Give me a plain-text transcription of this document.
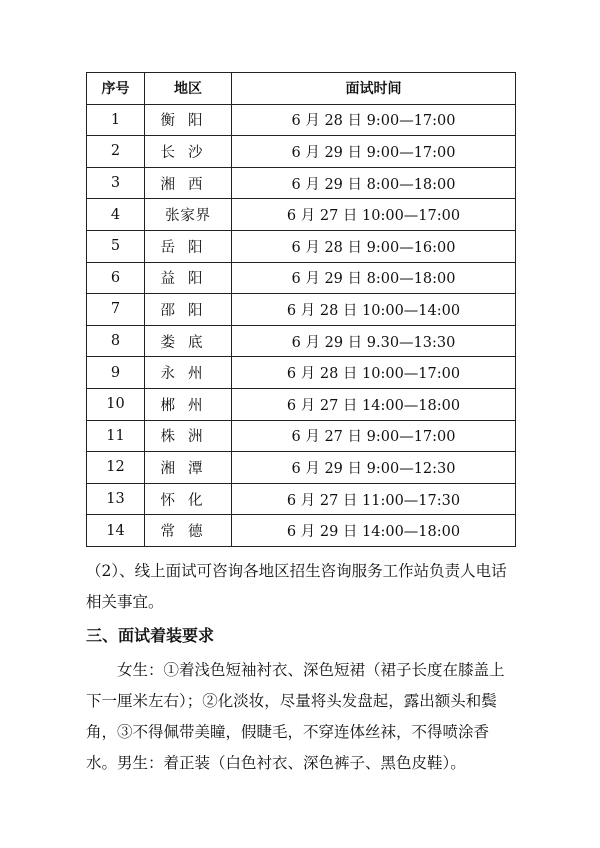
序号	地区	面试时间
1	衡阳	6 月 28 日 9:00—17:00
2	长沙	6 月 29 日 9:00—17:00
3	湘西	6 月 29 日 8:00—18:00
4	张家界	6 月 27 日 10:00—17:00
5	岳阳	6 月 28 日 9:00—16:00
6	益阳	6 月 29 日 8:00—18:00
7	邵阳	6 月 28 日 10:00—14:00
8	娄底	6 月 29 日 9.30—13:30
9	永州	6 月 28 日 10:00—17:00
10	郴州	6 月 27 日 14:00—18:00
11	株洲	6 月 27 日 9:00—17:00
12	湘潭	6 月 29 日 9:00—12:30
13	怀化	6 月 27 日 11:00—17:30
14	常德	6 月 29 日 14:00—18:00

（2）、线上面试可咨询各地区招生咨询服务工作站负责人电话相关事宜。

三、面试着装要求

女生：①着浅色短袖衬衣、深色短裙（裙子长度在膝盖上下一厘米左右）；②化淡妆，尽量将头发盘起，露出额头和鬓角，③不得佩带美瞳，假睫毛，不穿连体丝袜，不得喷涂香水。 男生：着正装（白色衬衣、深色裤子、黑色皮鞋）。
